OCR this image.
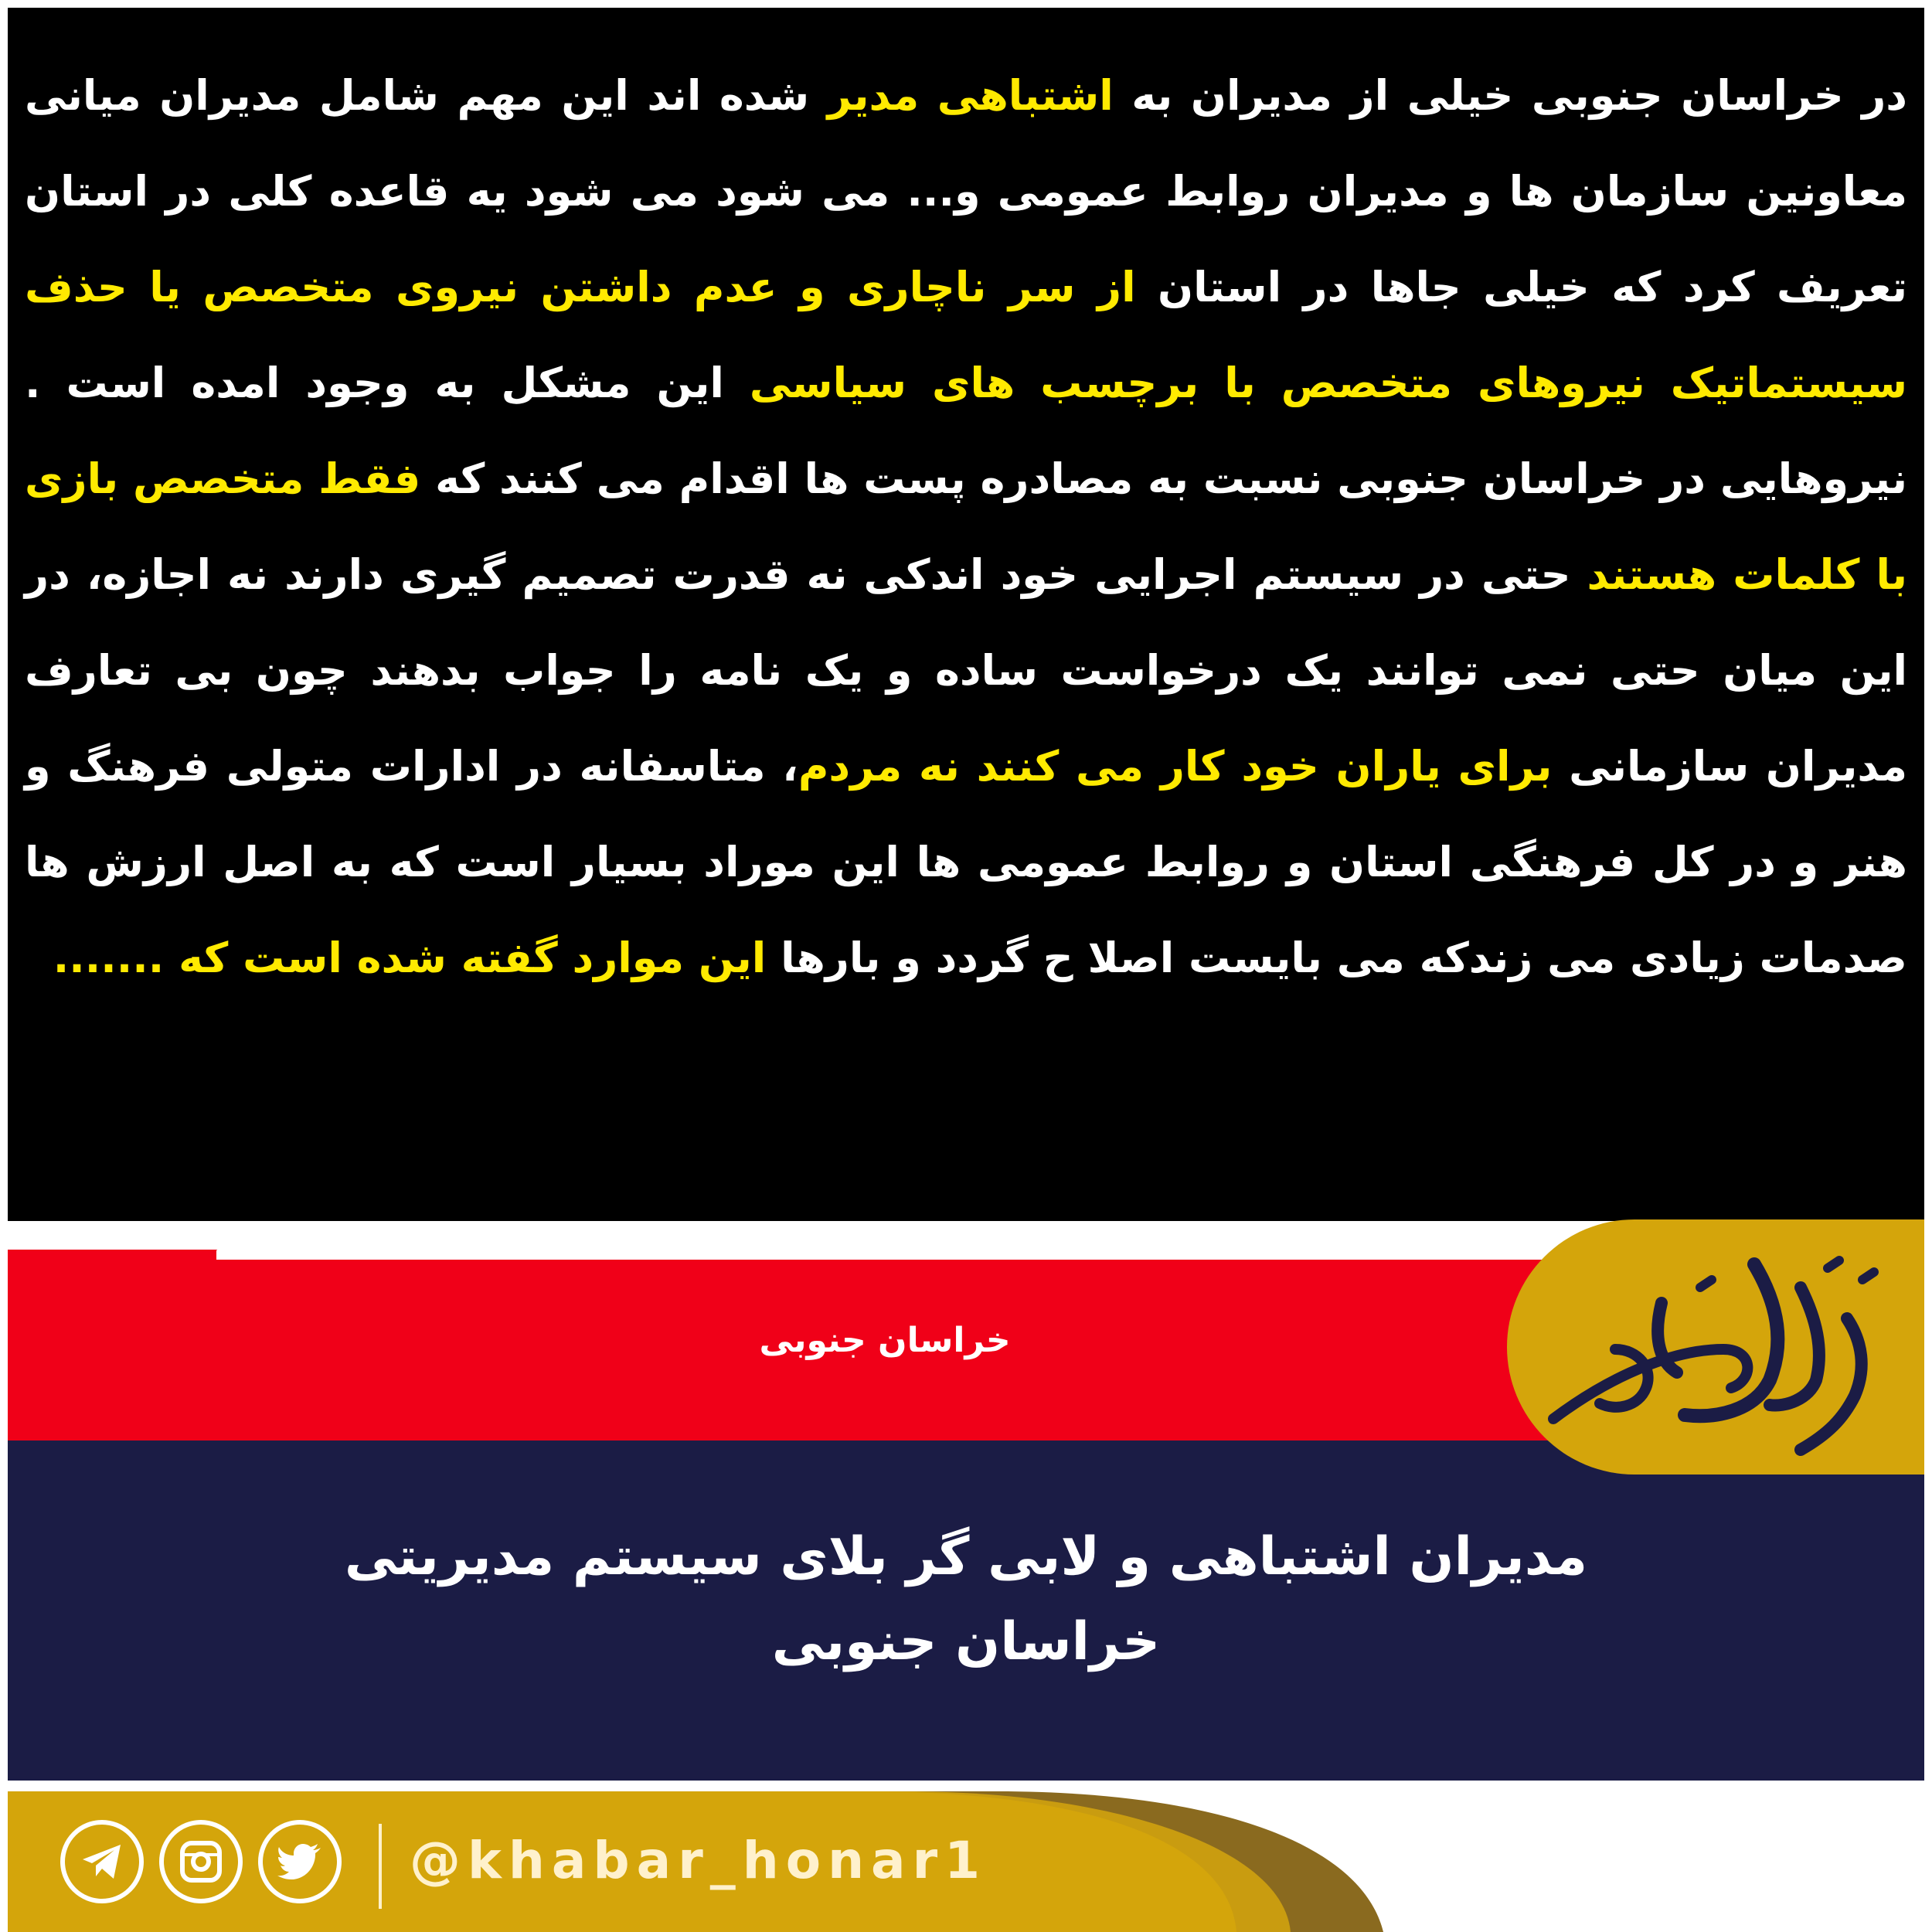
در خراسان جنوبی خیلی از مدیران به اشتباهی مدیر شده اند این مهم شامل مدیران میانی معاونین سازمان ها و مدیران روابط عمومی و... می شود می شود یه قاعده کلی در استان تعریف کرد که خیلی جاها در استان از سر ناچاری و عدم داشتن نیروی متخصص یا حذف سیستماتیک نیروهای متخصص با برچسب های سیاسی این مشکل به وجود امده است . نیروهایی در خراسان جنوبی نسبت به مصادره پست ها اقدام می کنند که فقط متخصص بازی با کلمات هستند حتی در سیستم اجرایی خود اندکی نه قدرت تصمیم گیری دارند نه اجازه، در این میان حتی نمی توانند یک درخواست ساده و یک نامه را جواب بدهند چون بی تعارف مدیران سازمانی برای یاران خود کار می کنند نه مردم، متاسفانه در ادارات متولی فرهنگ و هنر و در کل فرهنگی استان و روابط عمومی ها این موراد بسیار است که به اصل ارزش ها صدمات زیادی می زندکه می بایست اصلا ح گردد و بارها این موارد گفته شده است که .......

خراسان جنوبی
مدیران اشتباهی و لابی گر بلای سیستم مدیریتی
خراسان جنوبی
@khabar_honar1
